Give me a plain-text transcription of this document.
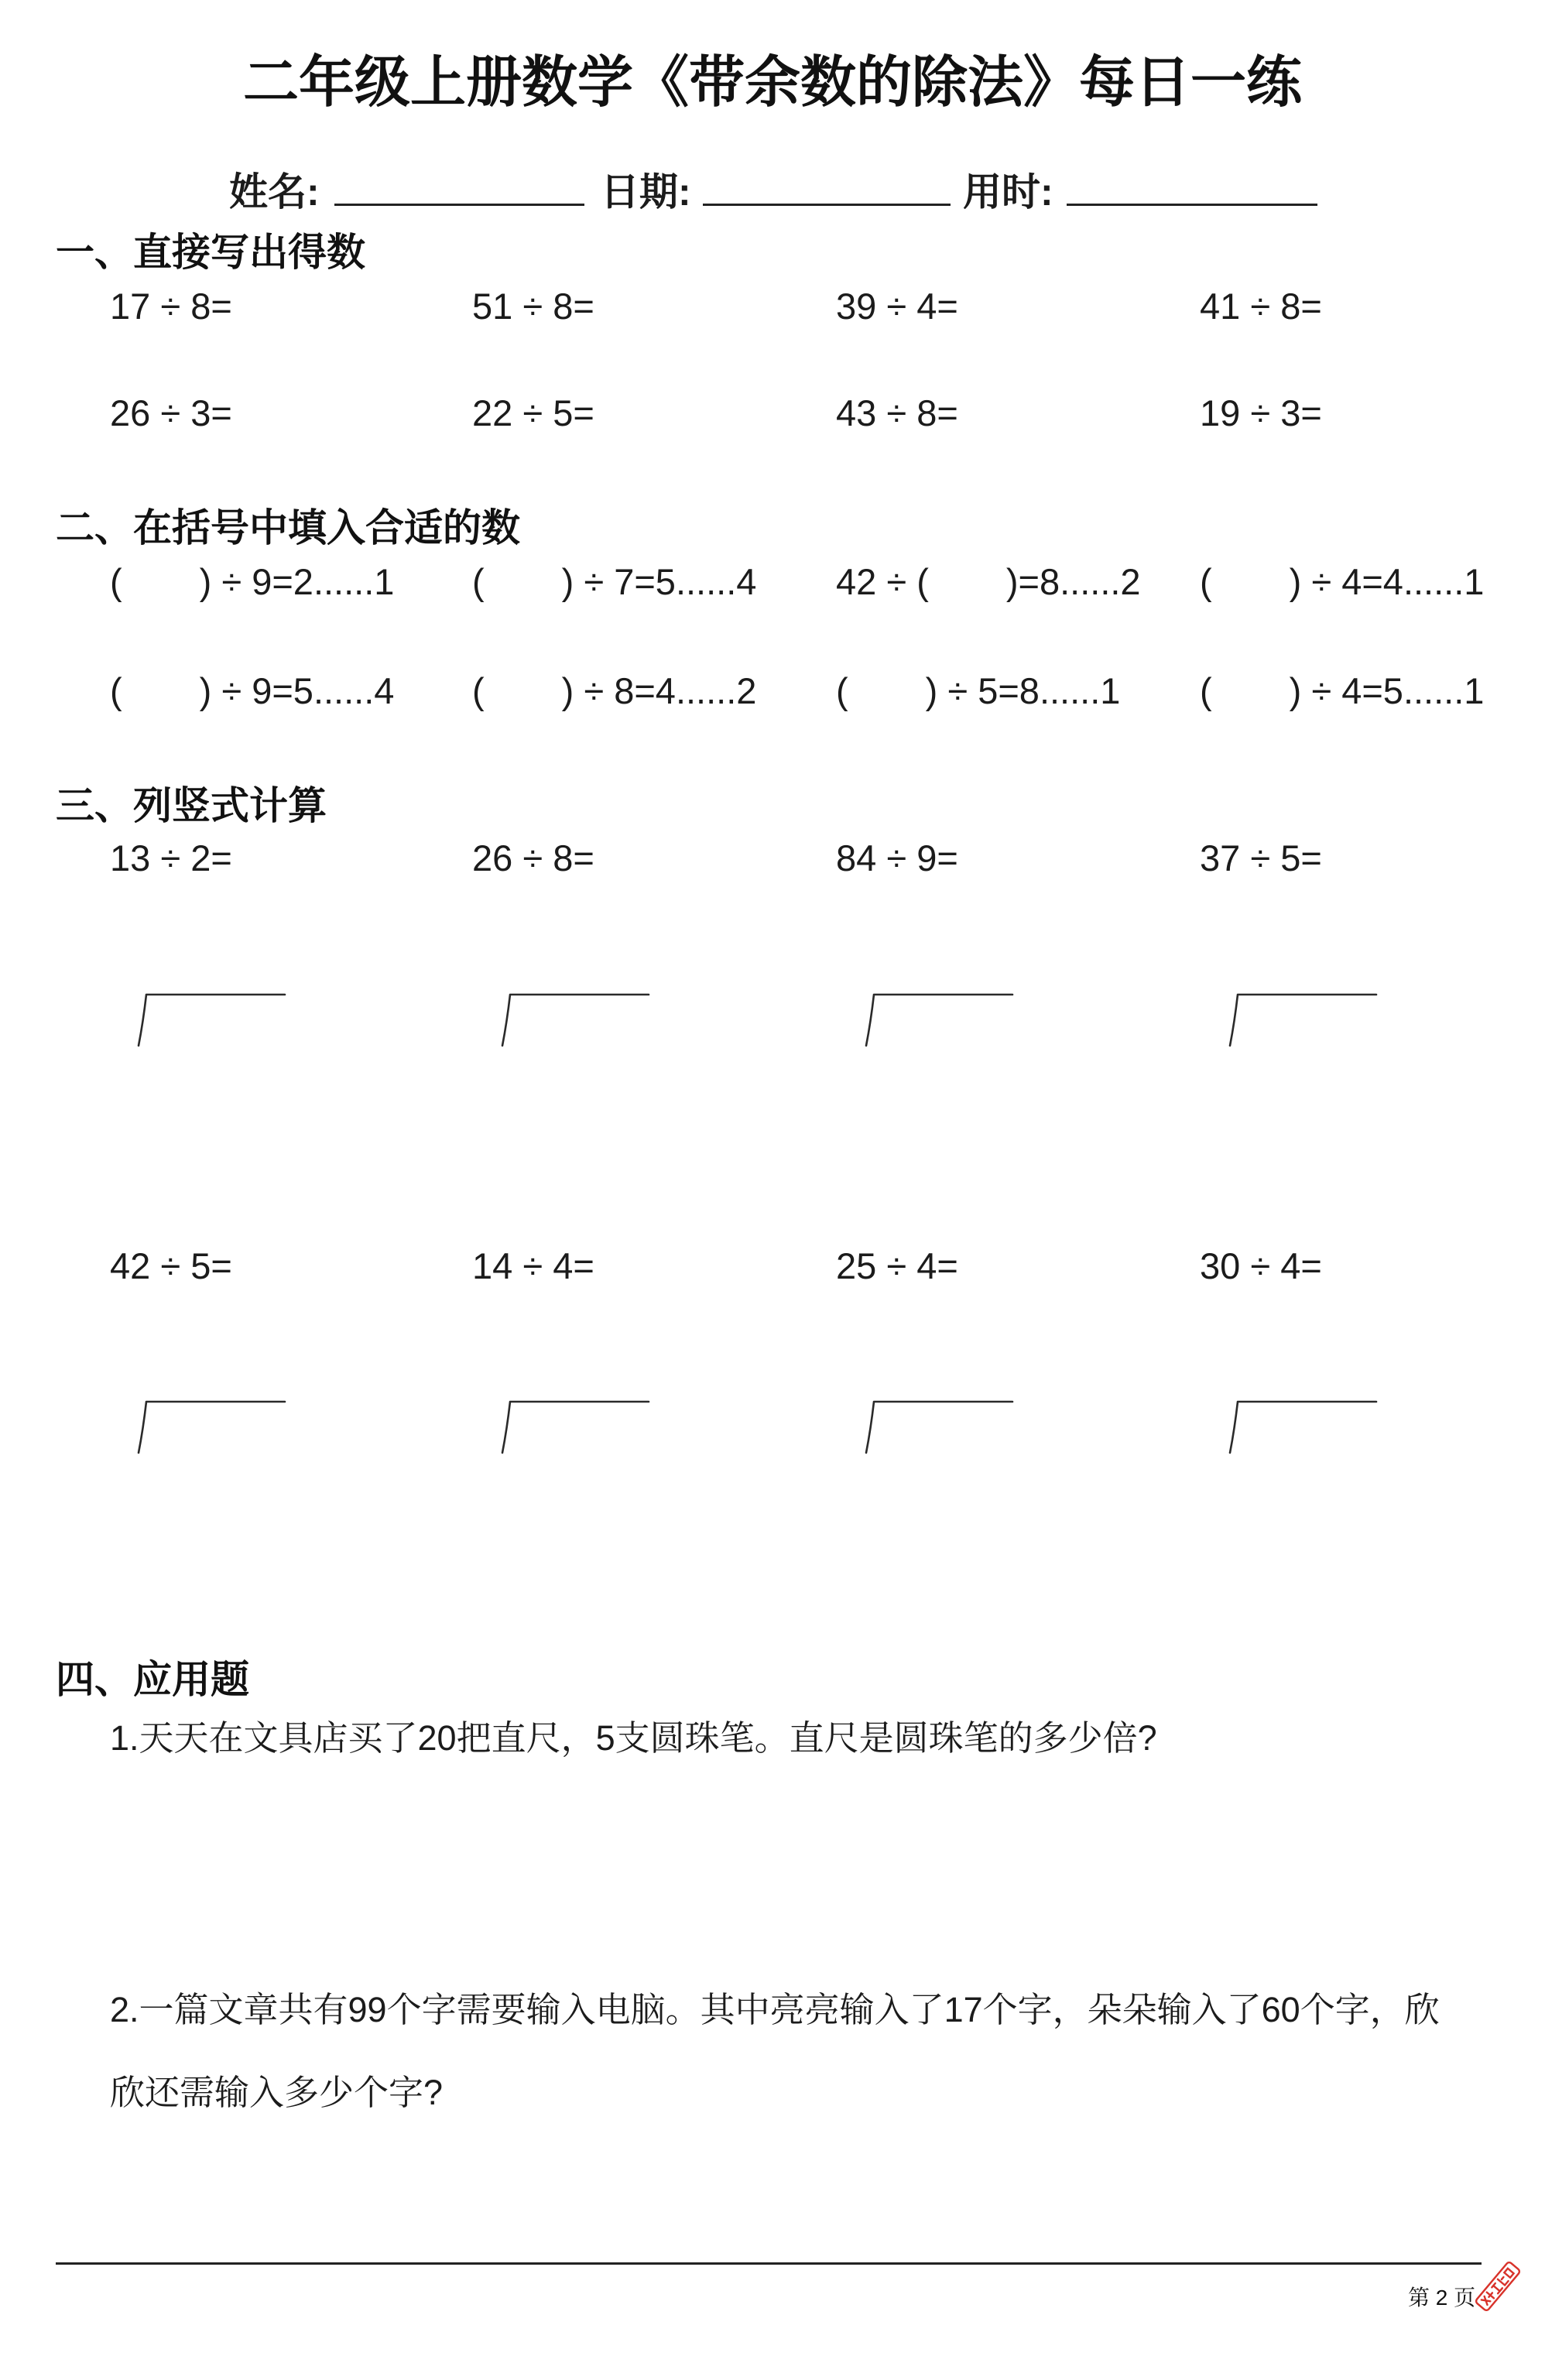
二年级上册数学《带余数的除法》每日一练
姓名:	日期:	用时:
一、直接写出得数
17 ÷ 8=	51 ÷ 8=	39 ÷ 4=	41 ÷ 8=
26 ÷ 3=	22 ÷ 5=	43 ÷ 8=	19 ÷ 3=
二、在括号中填入合适的数
( ) ÷ 9=2......1 ( ) ÷ 7=5......4 42 ÷ ( )=8......2 ( ) ÷ 4=4......1
( ) ÷ 9=5......4 ( ) ÷ 8=4......2 ( ) ÷ 5=8......1 ( ) ÷ 4=5......1
三、列竖式计算
13 ÷ 2=	26 ÷ 8=	84 ÷ 9=	37 ÷ 5=
42 ÷ 5=	14 ÷ 4=	25 ÷ 4=	30 ÷ 4=
四、应用题
1.天天在文具店买了20把直尺，5支圆珠笔。直尺是圆珠笔的多少倍?
2.一篇文章共有99个字需要输入电脑。其中亮亮输入了17个字，朵朵输入了60个字，欣
欣还需输入多少个字?
第 2 页
